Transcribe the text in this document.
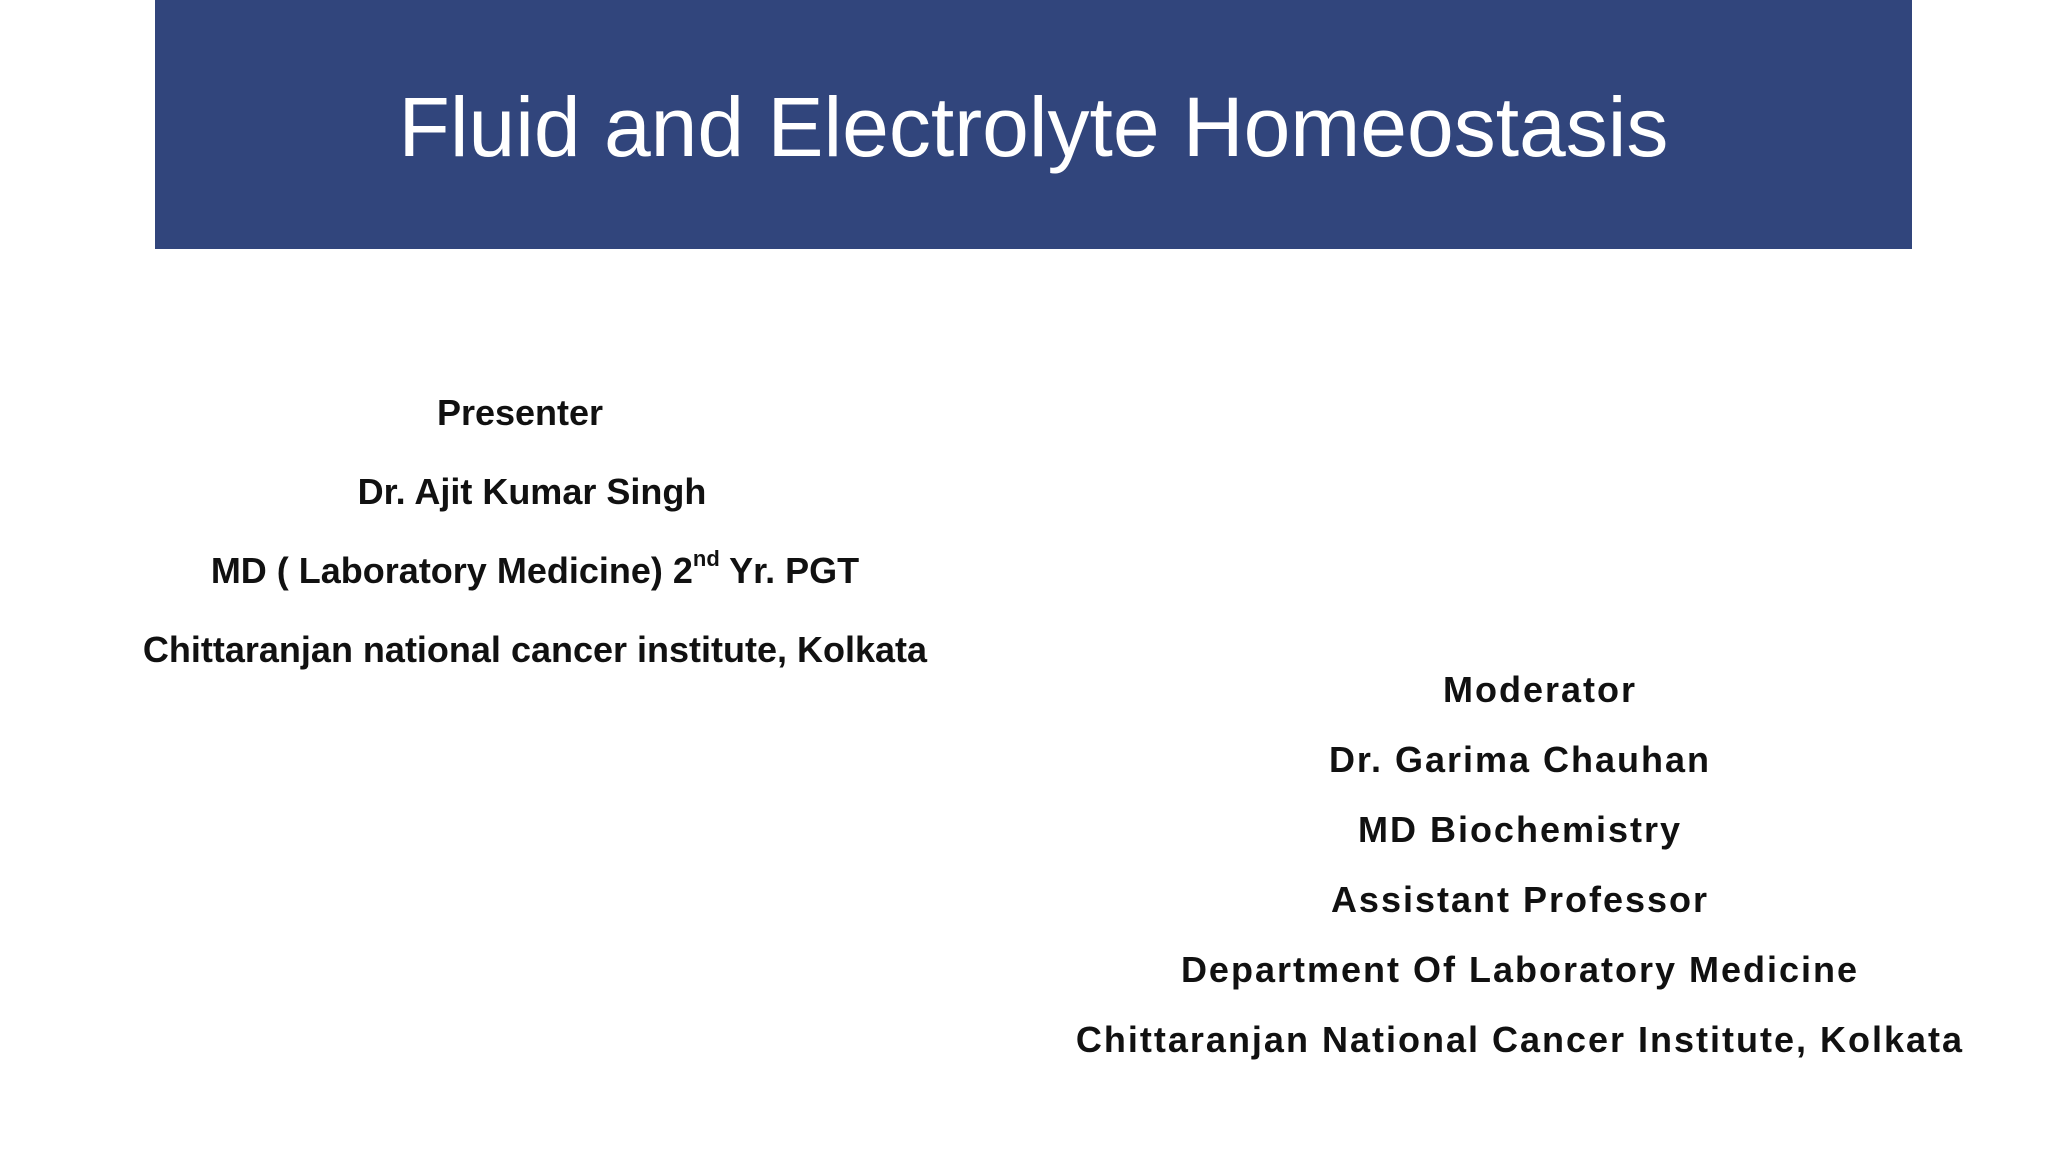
Fluid and Electrolyte Homeostasis
Presenter
Dr. Ajit Kumar Singh
MD ( Laboratory Medicine) 2nd Yr. PGT
Chittaranjan national cancer institute, Kolkata
Moderator
Dr. Garima Chauhan
MD Biochemistry
Assistant Professor
Department Of Laboratory Medicine
Chittaranjan National Cancer Institute, Kolkata
